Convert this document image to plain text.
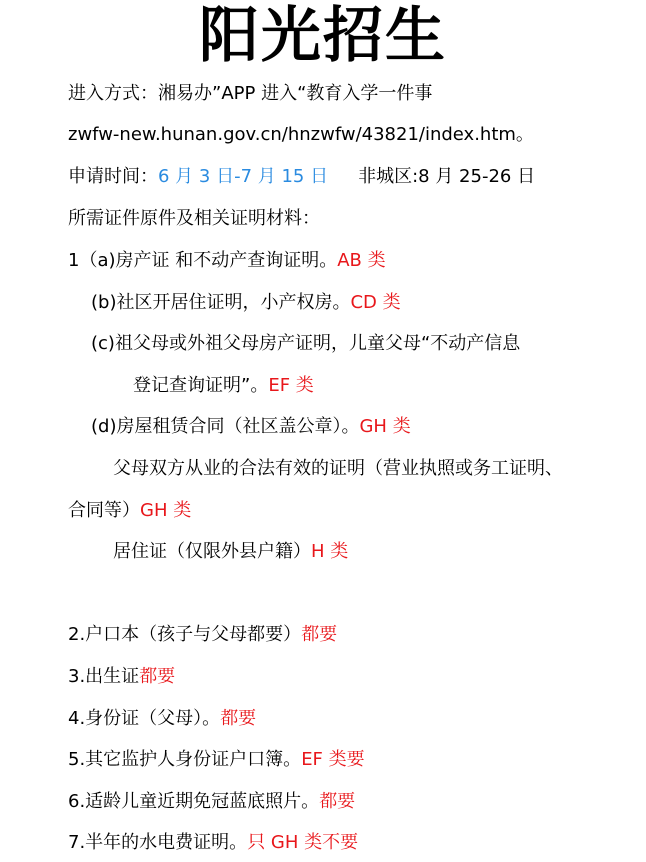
阳光招生
进入方式：湘易办”APP 进入“教育入学一件事
zwfw-new.hunan.gov.cn/hnzwfw/43821/index.htm。
申请时间：6 月 3 日-7 月 15 日 非城区:8 月 25-26 日
所需证件原件及相关证明材料：
1（a)房产证 和不动产查询证明。AB 类
(b)社区开居住证明，小产权房。CD 类
(c)祖父母或外祖父母房产证明，儿童父母“不动产信息
登记查询证明”。EF 类
(d)房屋租赁合同（社区盖公章）。GH 类
父母双方从业的合法有效的证明（营业执照或务工证明、
合同等）GH 类
居住证（仅限外县户籍）H 类
2.户口本（孩子与父母都要）都要
3.出生证都要
4.身份证（父母）。都要
5.其它监护人身份证户口簿。EF 类要
6.适龄儿童近期免冠蓝底照片。都要
7.半年的水电费证明。只 GH 类不要
